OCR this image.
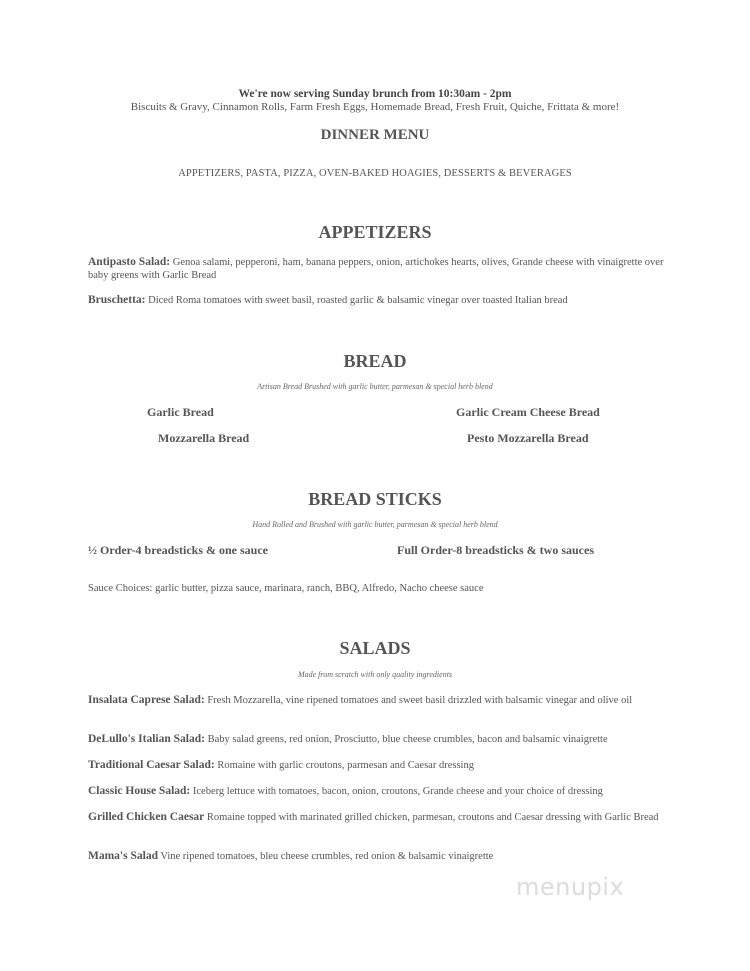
We're now serving Sunday brunch from 10:30am - 2pm
Biscuits & Gravy, Cinnamon Rolls, Farm Fresh Eggs, Homemade Bread, Fresh Fruit, Quiche, Frittata & more!
DINNER MENU
APPETIZERS, PASTA, PIZZA, OVEN-BAKED HOAGIES, DESSERTS & BEVERAGES
APPETIZERS
Antipasto Salad: Genoa salami, pepperoni, ham, banana peppers, onion, artichokes hearts, olives, Grande cheese with vinaigrette over baby greens with Garlic Bread
Bruschetta: Diced Roma tomatoes with sweet basil, roasted garlic & balsamic vinegar over toasted Italian bread
BREAD
Artisan Bread Brushed with garlic butter, parmesan & special herb blend
Garlic Bread	Garlic Cream Cheese Bread
Mozzarella Bread	Pesto Mozzarella Bread
BREAD STICKS
Hand Rolled and Brushed with garlic butter, parmesan & special herb blend
½ Order-4 breadsticks & one sauce	Full Order-8 breadsticks & two sauces
Sauce Choices: garlic butter, pizza sauce, marinara, ranch, BBQ, Alfredo, Nacho cheese sauce
SALADS
Made from scratch with only quality ingredients
Insalata Caprese Salad: Fresh Mozzarella, vine ripened tomatoes and sweet basil drizzled with balsamic vinegar and olive oil
DeLullo's Italian Salad: Baby salad greens, red onion, Prosciutto, blue cheese crumbles, bacon and balsamic vinaigrette
Traditional Caesar Salad: Romaine with garlic croutons, parmesan and Caesar dressing
Classic House Salad: Iceberg lettuce with tomatoes, bacon, onion, croutons, Grande cheese and your choice of dressing
Grilled Chicken Caesar Romaine topped with marinated grilled chicken, parmesan, croutons and Caesar dressing with Garlic Bread
Mama's Salad Vine ripened tomatoes, bleu cheese crumbles, red onion & balsamic vinaigrette
menupix
